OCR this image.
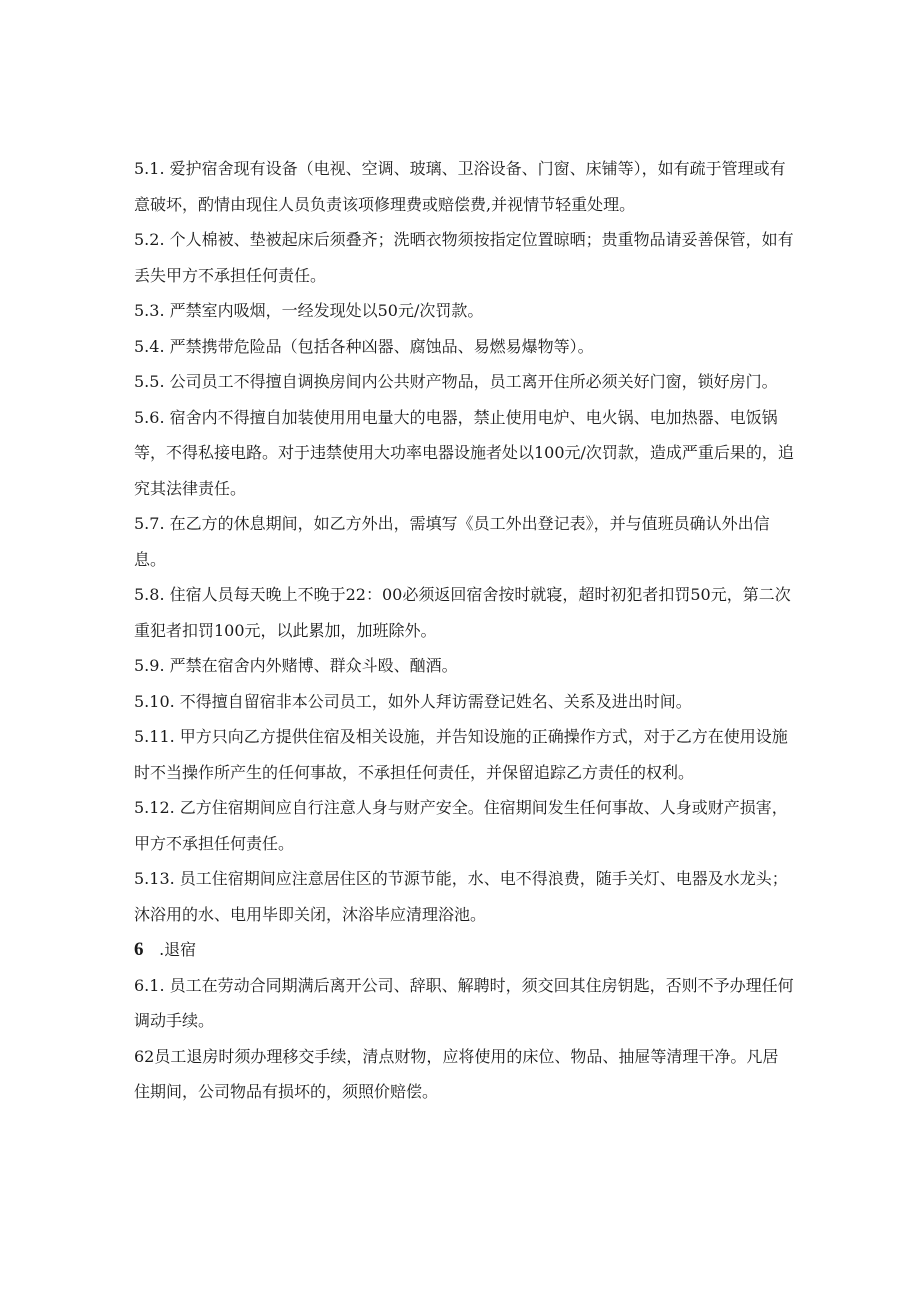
5.1. 爱护宿舍现有设备（电视、空调、玻璃、卫浴设备、门窗、床铺等），如有疏于管理或有意破坏，酌情由现住人员负责该项修理费或赔偿费,并视情节轻重处理。

5.2. 个人棉被、垫被起床后须叠齐；洗晒衣物须按指定位置晾晒；贵重物品请妥善保管，如有丢失甲方不承担任何责任。

5.3. 严禁室内吸烟，一经发现处以50元/次罚款。

5.4. 严禁携带危险品（包括各种凶器、腐蚀品、易燃易爆物等）。

5.5. 公司员工不得擅自调换房间内公共财产物品，员工离开住所必须关好门窗，锁好房门。

5.6. 宿舍内不得擅自加装使用用电量大的电器，禁止使用电炉、电火锅、电加热器、电饭锅等，不得私接电路。对于违禁使用大功率电器设施者处以100元/次罚款，造成严重后果的，追究其法律责任。

5.7. 在乙方的休息期间，如乙方外出，需填写《员工外出登记表》，并与值班员确认外出信息。

5.8. 住宿人员每天晚上不晚于22：00必须返回宿舍按时就寝，超时初犯者扣罚50元，第二次重犯者扣罚100元，以此累加，加班除外。

5.9. 严禁在宿舍内外赌博、群众斗殴、酗酒。

5.10. 不得擅自留宿非本公司员工，如外人拜访需登记姓名、关系及进出时间。

5.11. 甲方只向乙方提供住宿及相关设施，并告知设施的正确操作方式，对于乙方在使用设施时不当操作所产生的任何事故，不承担任何责任，并保留追踪乙方责任的权利。

5.12. 乙方住宿期间应自行注意人身与财产安全。住宿期间发生任何事故、人身或财产损害，甲方不承担任何责任。

5.13. 员工住宿期间应注意居住区的节源节能，水、电不得浪费，随手关灯、电器及水龙头；沐浴用的水、电用毕即关闭，沐浴毕应清理浴池。

6 .退宿

6.1. 员工在劳动合同期满后离开公司、辞职、解聘时，须交回其住房钥匙，否则不予办理任何调动手续。

62员工退房时须办理移交手续，清点财物，应将使用的床位、物品、抽屉等清理干净。凡居住期间，公司物品有损坏的，须照价赔偿。
